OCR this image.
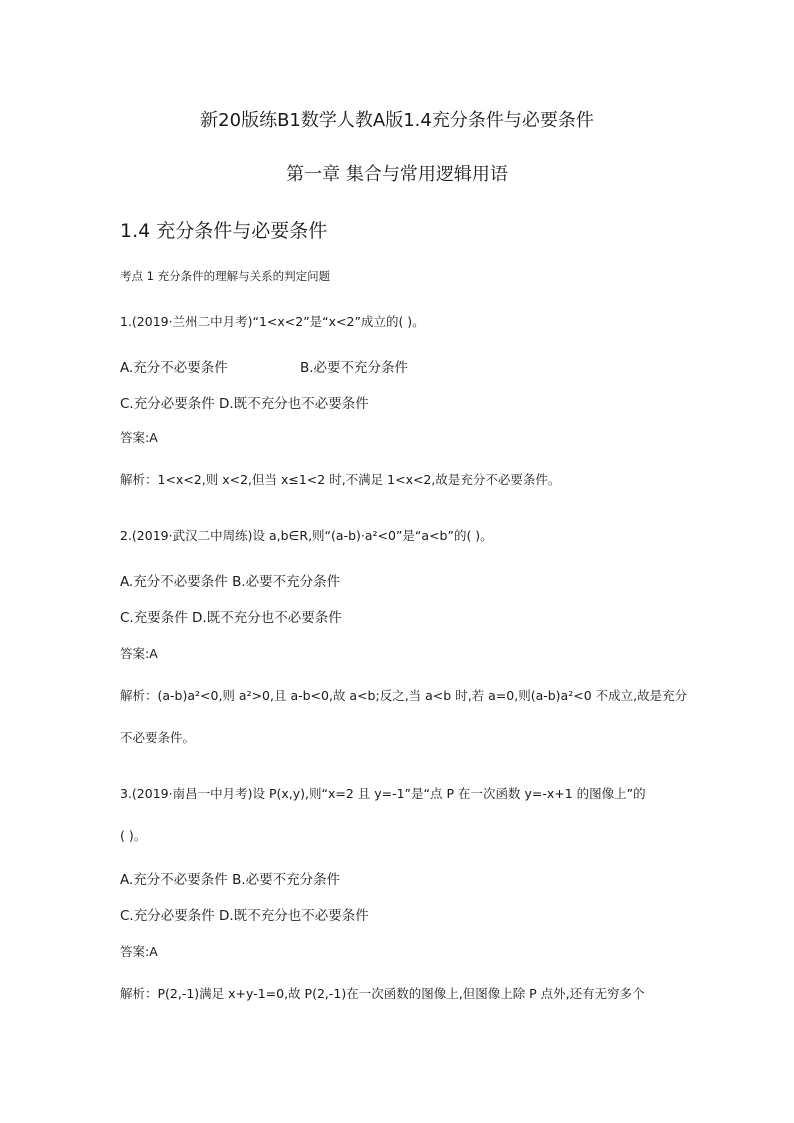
新20版练B1数学人教A版1.4充分条件与必要条件
第一章 集合与常用逻辑用语
1.4 充分条件与必要条件
考点 1 充分条件的理解与关系的判定问题
1.(2019·兰州二中月考)“1<x<2”是“x<2”成立的( )。
A.充分不必要条件	B.必要不充分条件
C.充分必要条件 D.既不充分也不必要条件
答案:A
解析：1<x<2,则 x<2,但当 x≤1<2 时,不满足 1<x<2,故是充分不必要条件。
2.(2019·武汉二中周练)设 a,b∈R,则“(a-b)·a²<0”是“a<b”的( )。
A.充分不必要条件 B.必要不充分条件
C.充要条件 D.既不充分也不必要条件
答案:A
解析：(a-b)a²<0,则 a²>0,且 a-b<0,故 a<b;反之,当 a<b 时,若 a=0,则(a-b)a²<0 不成立,故是充分
不必要条件。
3.(2019·南昌一中月考)设 P(x,y),则“x=2 且 y=-1”是“点 P 在一次函数 y=-x+1 的图像上”的
( )。
A.充分不必要条件 B.必要不充分条件
C.充分必要条件 D.既不充分也不必要条件
答案:A
解析：P(2,-1)满足 x+y-1=0,故 P(2,-1)在一次函数的图像上,但图像上除 P 点外,还有无穷多个
